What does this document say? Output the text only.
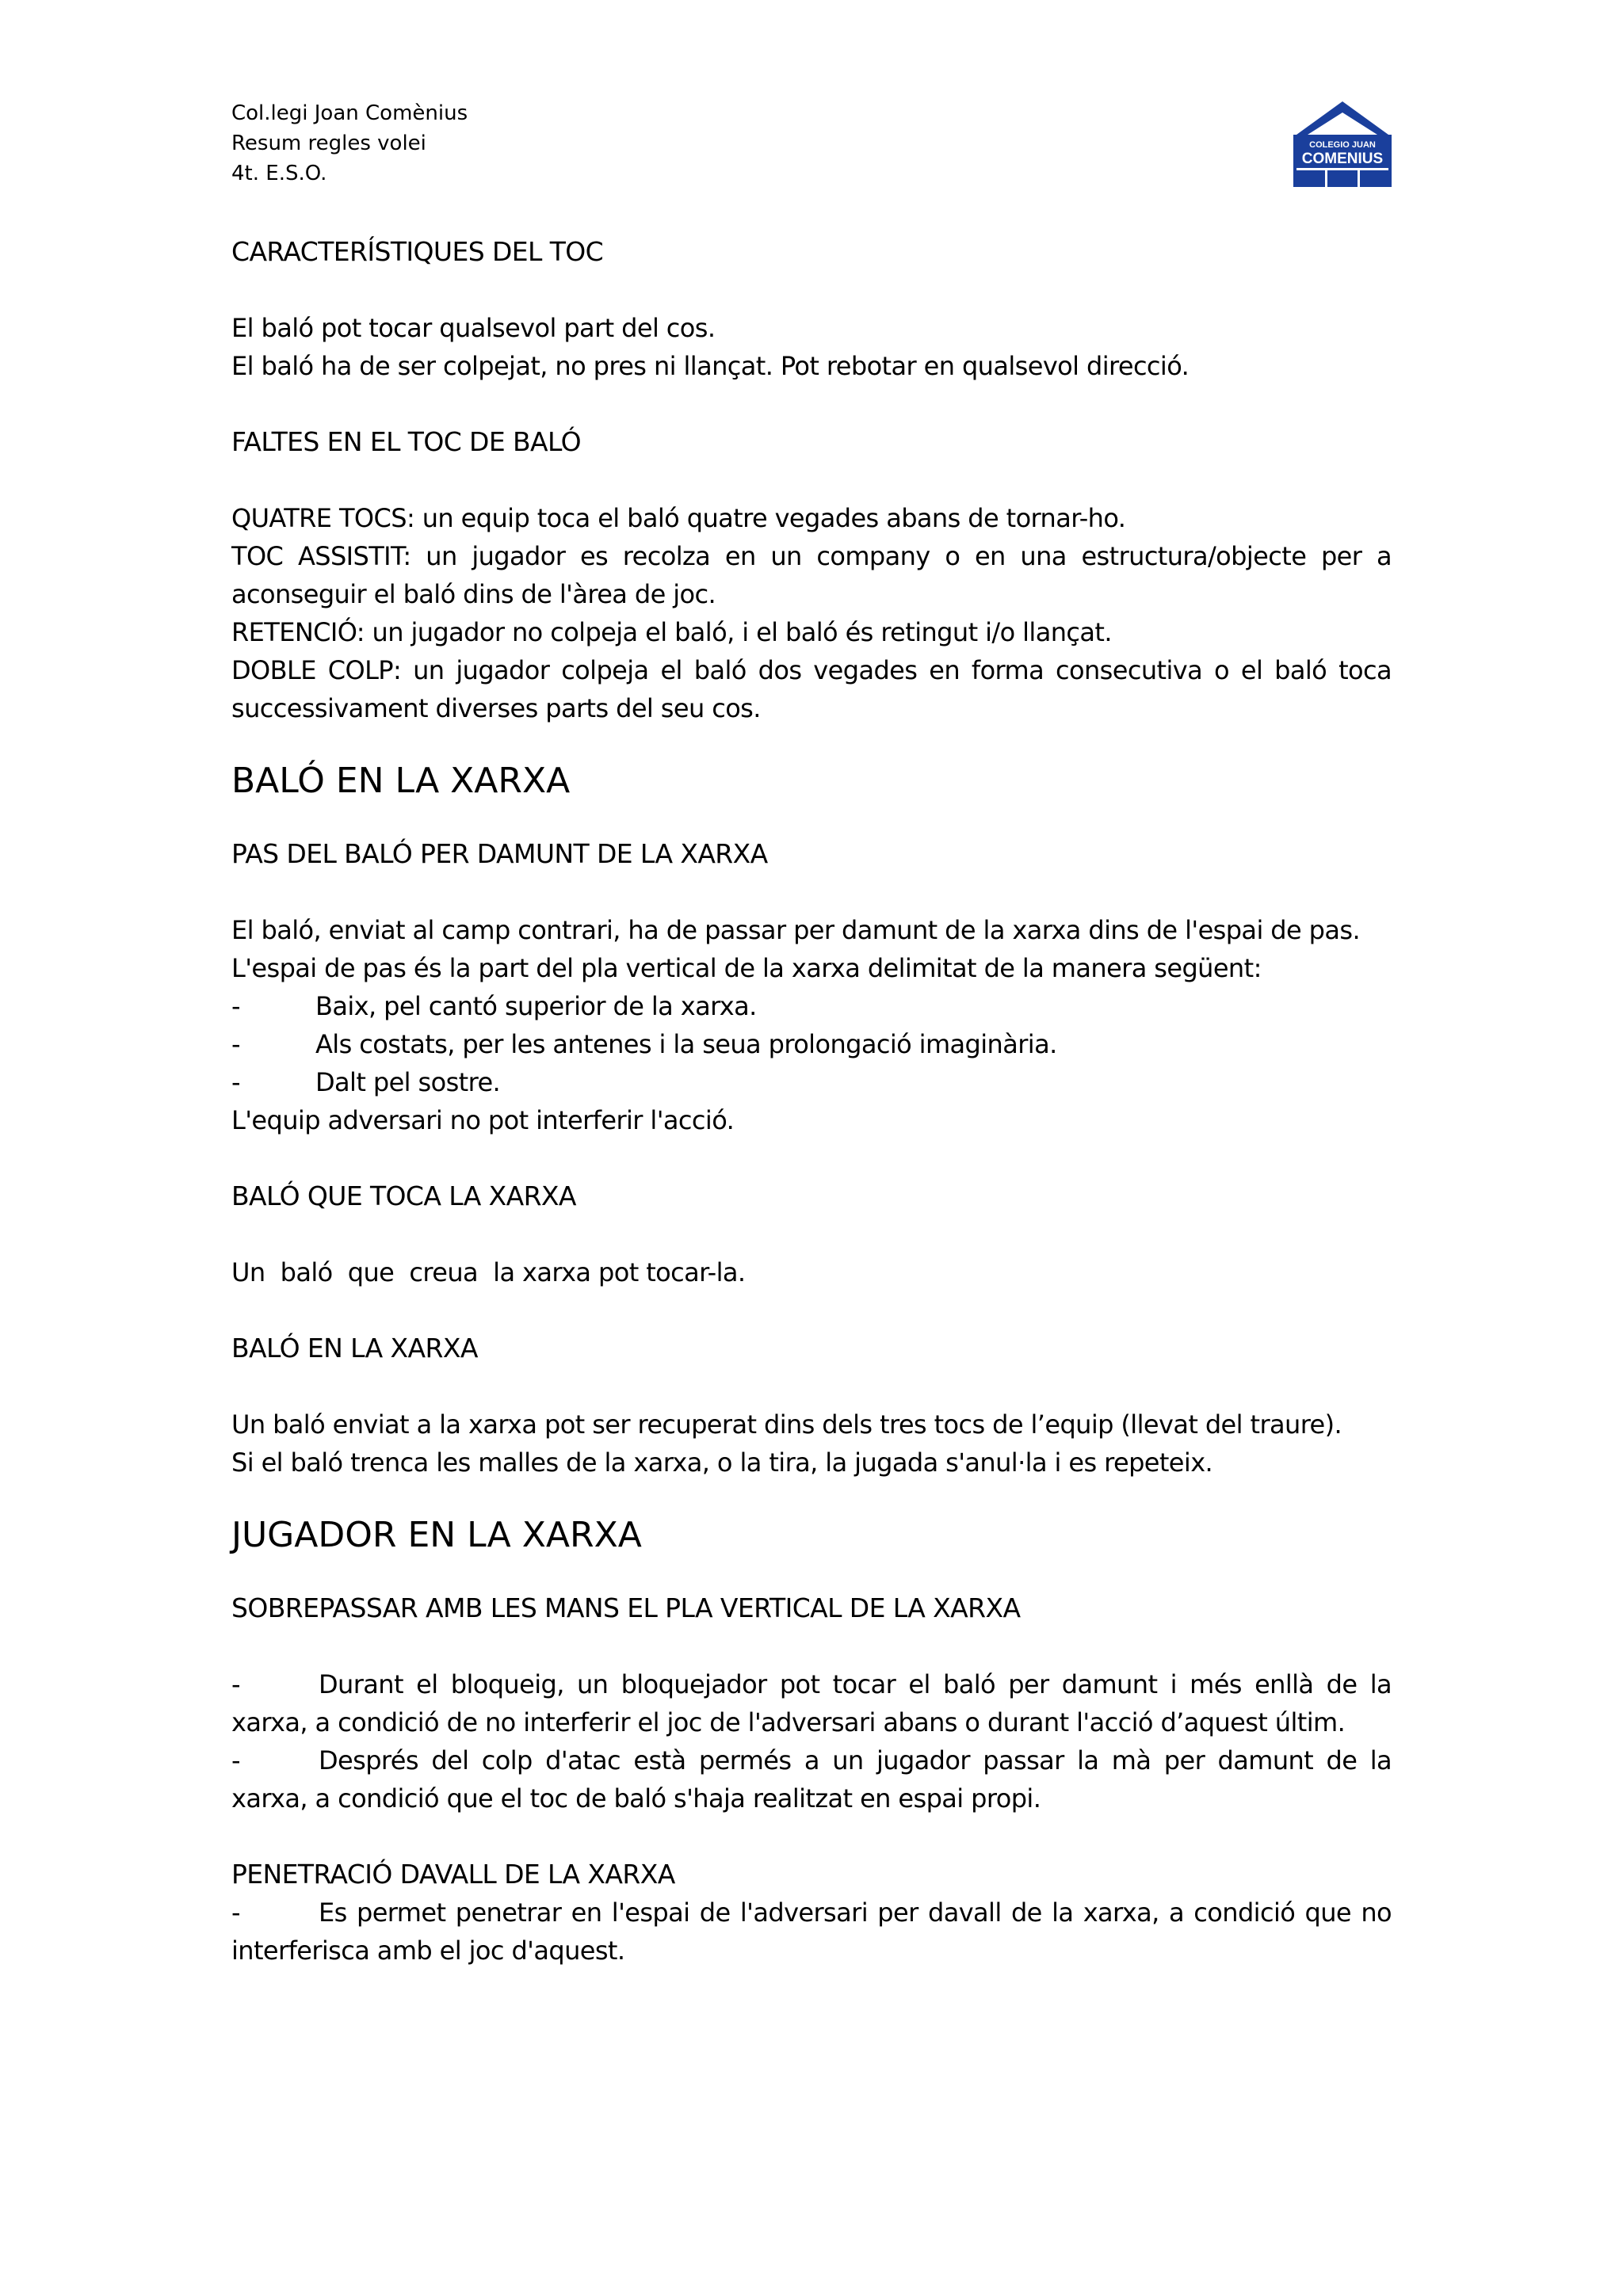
Col.legi Joan Comènius
Resum regles volei
4t. E.S.O.
COLEGIO JUAN
COMENIUS

CARACTERÍSTIQUES DEL TOC

El baló pot tocar qualsevol part del cos.

El baló ha de ser colpejat, no pres ni llançat. Pot rebotar en qualsevol direcció.

FALTES EN EL TOC DE BALÓ

QUATRE TOCS: un equip toca el baló quatre vegades abans de tornar-ho.

TOC ASSISTIT: un jugador es recolza en un company o en una estructura/objecte per a aconseguir el baló dins de l'àrea de joc.

RETENCIÓ: un jugador no colpeja el baló, i el baló és retingut i/o llançat.

DOBLE COLP: un jugador colpeja el baló dos vegades en forma consecutiva o el baló toca successivament diverses parts del seu cos.

BALÓ EN LA XARXA

PAS DEL BALÓ PER DAMUNT DE LA XARXA

El baló, enviat al camp contrari, ha de passar per damunt de la xarxa dins de l'espai de pas.

L'espai de pas és la part del pla vertical de la xarxa delimitat de la manera següent:

-	Baix, pel cantó superior de la xarxa.
-	Als costats, per les antenes i la seua prolongació imaginària.
-	Dalt pel sostre.

L'equip adversari no pot interferir l'acció.

BALÓ QUE TOCA LA XARXA

Un  baló  que  creua  la xarxa pot tocar-la.

BALÓ EN LA XARXA

Un baló enviat a la xarxa pot ser recuperat dins dels tres tocs de l’equip (llevat del traure).

Si el baló trenca les malles de la xarxa, o la tira, la jugada s'anul·la i es repeteix.

JUGADOR EN LA XARXA

SOBREPASSAR AMB LES MANS EL PLA VERTICAL DE LA XARXA

-	Durant el bloqueig, un bloquejador pot tocar el baló per damunt i més enllà de la xarxa, a condició de no interferir el joc de l'adversari abans o durant l'acció d’aquest últim.

-	Després del colp d'atac està permés a un jugador passar la mà per damunt de la xarxa, a condició que el toc de baló s'haja realitzat en espai propi.

PENETRACIÓ DAVALL DE LA XARXA

-	Es permet penetrar en l'espai de l'adversari per davall de la xarxa, a condició que no interferisca amb el joc d'aquest.
